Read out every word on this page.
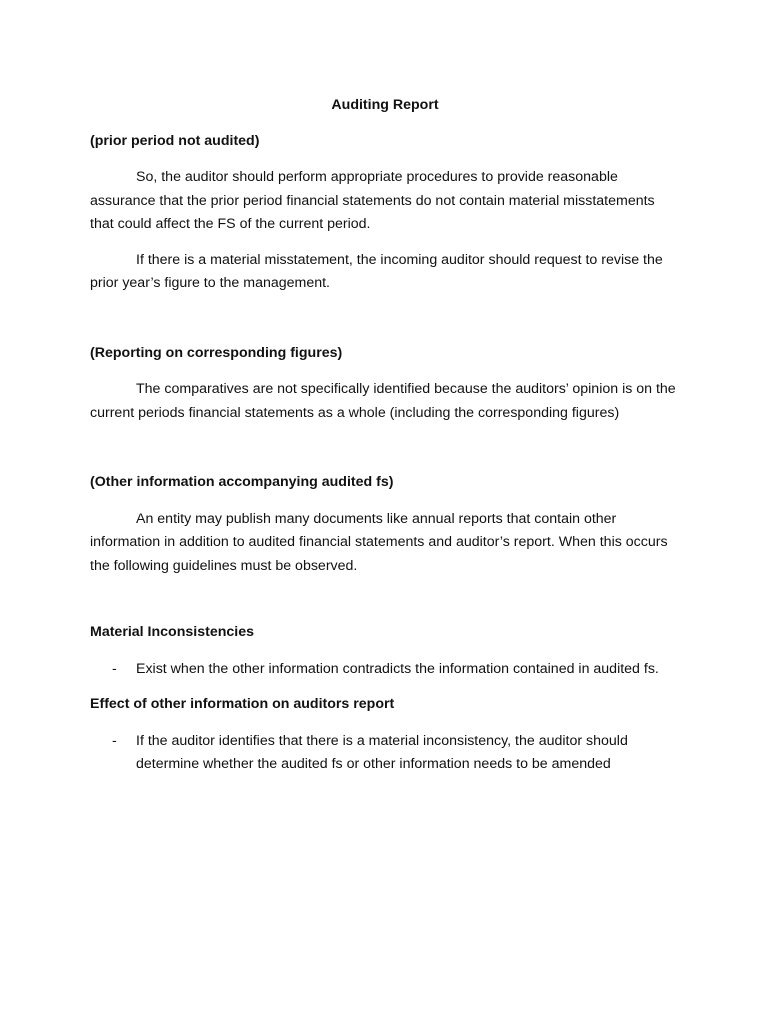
Auditing Report
(prior period not audited)

So, the auditor should perform appropriate procedures to provide reasonable assurance that the prior period financial statements do not contain material misstatements that could affect the FS of the current period.

If there is a material misstatement, the incoming auditor should request to revise the prior year’s figure to the management.

(Reporting on corresponding figures)

The comparatives are not specifically identified because the auditors’ opinion is on the current periods financial statements as a whole (including the corresponding figures)

(Other information accompanying audited fs)

An entity may publish many documents like annual reports that contain other information in addition to audited financial statements and auditor’s report. When this occurs the following guidelines must be observed.

Material Inconsistencies
-	Exist when the other information contradicts the information contained in audited fs.
Effect of other information on auditors report
-	If the auditor identifies that there is a material inconsistency, the auditor should determine whether the audited fs or other information needs to be amended
